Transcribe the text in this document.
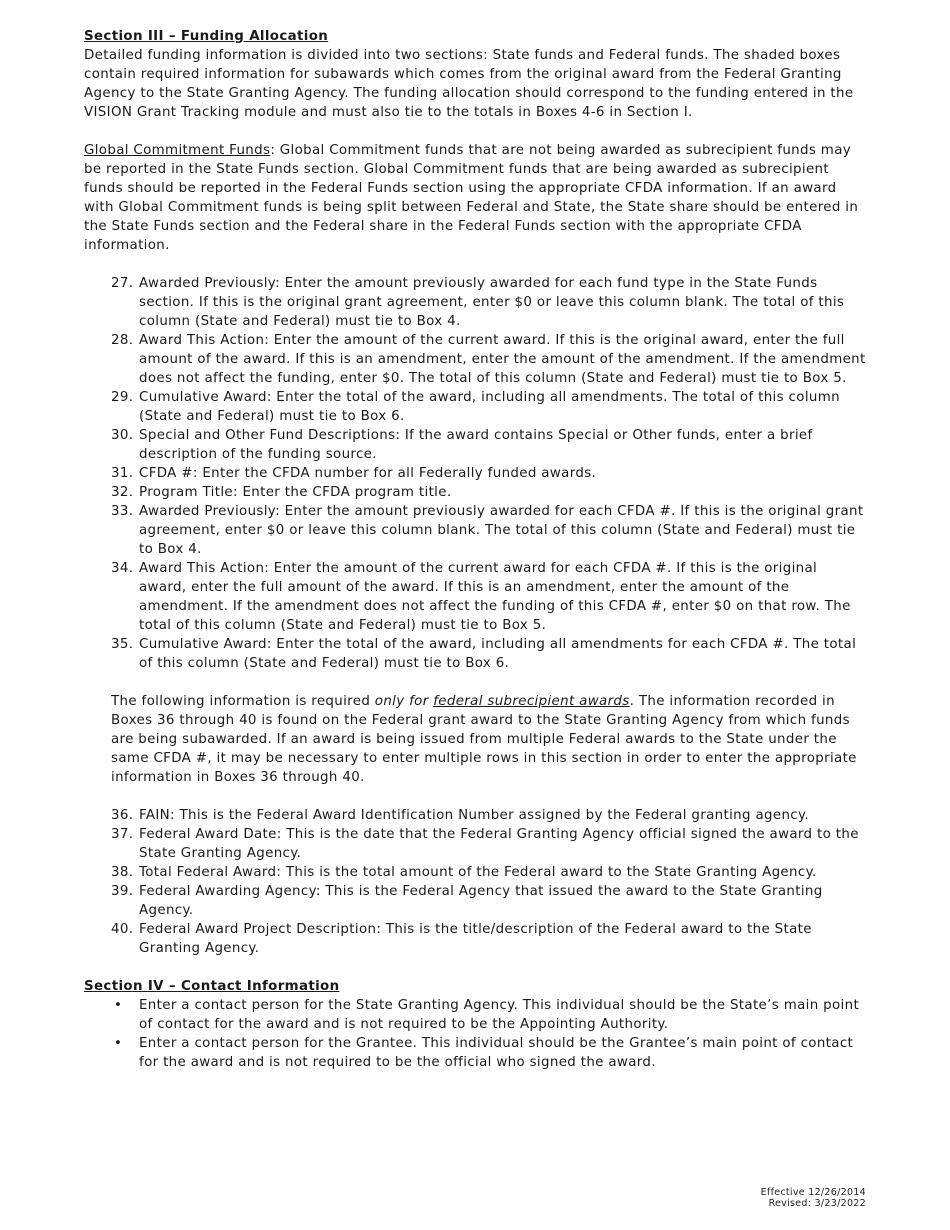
Section III – Funding Allocation

Detailed funding information is divided into two sections: State funds and Federal funds. The shaded boxes contain required information for subawards which comes from the original award from the Federal Granting Agency to the State Granting Agency. The funding allocation should correspond to the funding entered in the VISION Grant Tracking module and must also tie to the totals in Boxes 4-6 in Section I.

Global Commitment Funds: Global Commitment funds that are not being awarded as subrecipient funds may be reported in the State Funds section. Global Commitment funds that are being awarded as subrecipient funds should be reported in the Federal Funds section using the appropriate CFDA information. If an award with Global Commitment funds is being split between Federal and State, the State share should be entered in the State Funds section and the Federal share in the Federal Funds section with the appropriate CFDA information.

27. Awarded Previously: Enter the amount previously awarded for each fund type in the State Funds section. If this is the original grant agreement, enter $0 or leave this column blank. The total of this column (State and Federal) must tie to Box 4.
28. Award This Action: Enter the amount of the current award. If this is the original award, enter the full amount of the award. If this is an amendment, enter the amount of the amendment. If the amendment does not affect the funding, enter $0. The total of this column (State and Federal) must tie to Box 5.
29. Cumulative Award: Enter the total of the award, including all amendments. The total of this column (State and Federal) must tie to Box 6.
30. Special and Other Fund Descriptions: If the award contains Special or Other funds, enter a brief description of the funding source.
31. CFDA #: Enter the CFDA number for all Federally funded awards.
32. Program Title: Enter the CFDA program title.
33. Awarded Previously: Enter the amount previously awarded for each CFDA #. If this is the original grant agreement, enter $0 or leave this column blank. The total of this column (State and Federal) must tie to Box 4.
34. Award This Action: Enter the amount of the current award for each CFDA #. If this is the original award, enter the full amount of the award. If this is an amendment, enter the amount of the amendment. If the amendment does not affect the funding of this CFDA #, enter $0 on that row. The total of this column (State and Federal) must tie to Box 5.
35. Cumulative Award: Enter the total of the award, including all amendments for each CFDA #. The total of this column (State and Federal) must tie to Box 6.

The following information is required only for federal subrecipient awards. The information recorded in Boxes 36 through 40 is found on the Federal grant award to the State Granting Agency from which funds are being subawarded. If an award is being issued from multiple Federal awards to the State under the same CFDA #, it may be necessary to enter multiple rows in this section in order to enter the appropriate information in Boxes 36 through 40.

36. FAIN: This is the Federal Award Identification Number assigned by the Federal granting agency.
37. Federal Award Date: This is the date that the Federal Granting Agency official signed the award to the State Granting Agency.
38. Total Federal Award: This is the total amount of the Federal award to the State Granting Agency.
39. Federal Awarding Agency: This is the Federal Agency that issued the award to the State Granting Agency.
40. Federal Award Project Description: This is the title/description of the Federal award to the State Granting Agency.

Section IV – Contact Information

• Enter a contact person for the State Granting Agency. This individual should be the State’s main point of contact for the award and is not required to be the Appointing Authority.
• Enter a contact person for the Grantee. This individual should be the Grantee’s main point of contact for the award and is not required to be the official who signed the award.
Effective 12/26/2014
Revised: 3/23/2022
